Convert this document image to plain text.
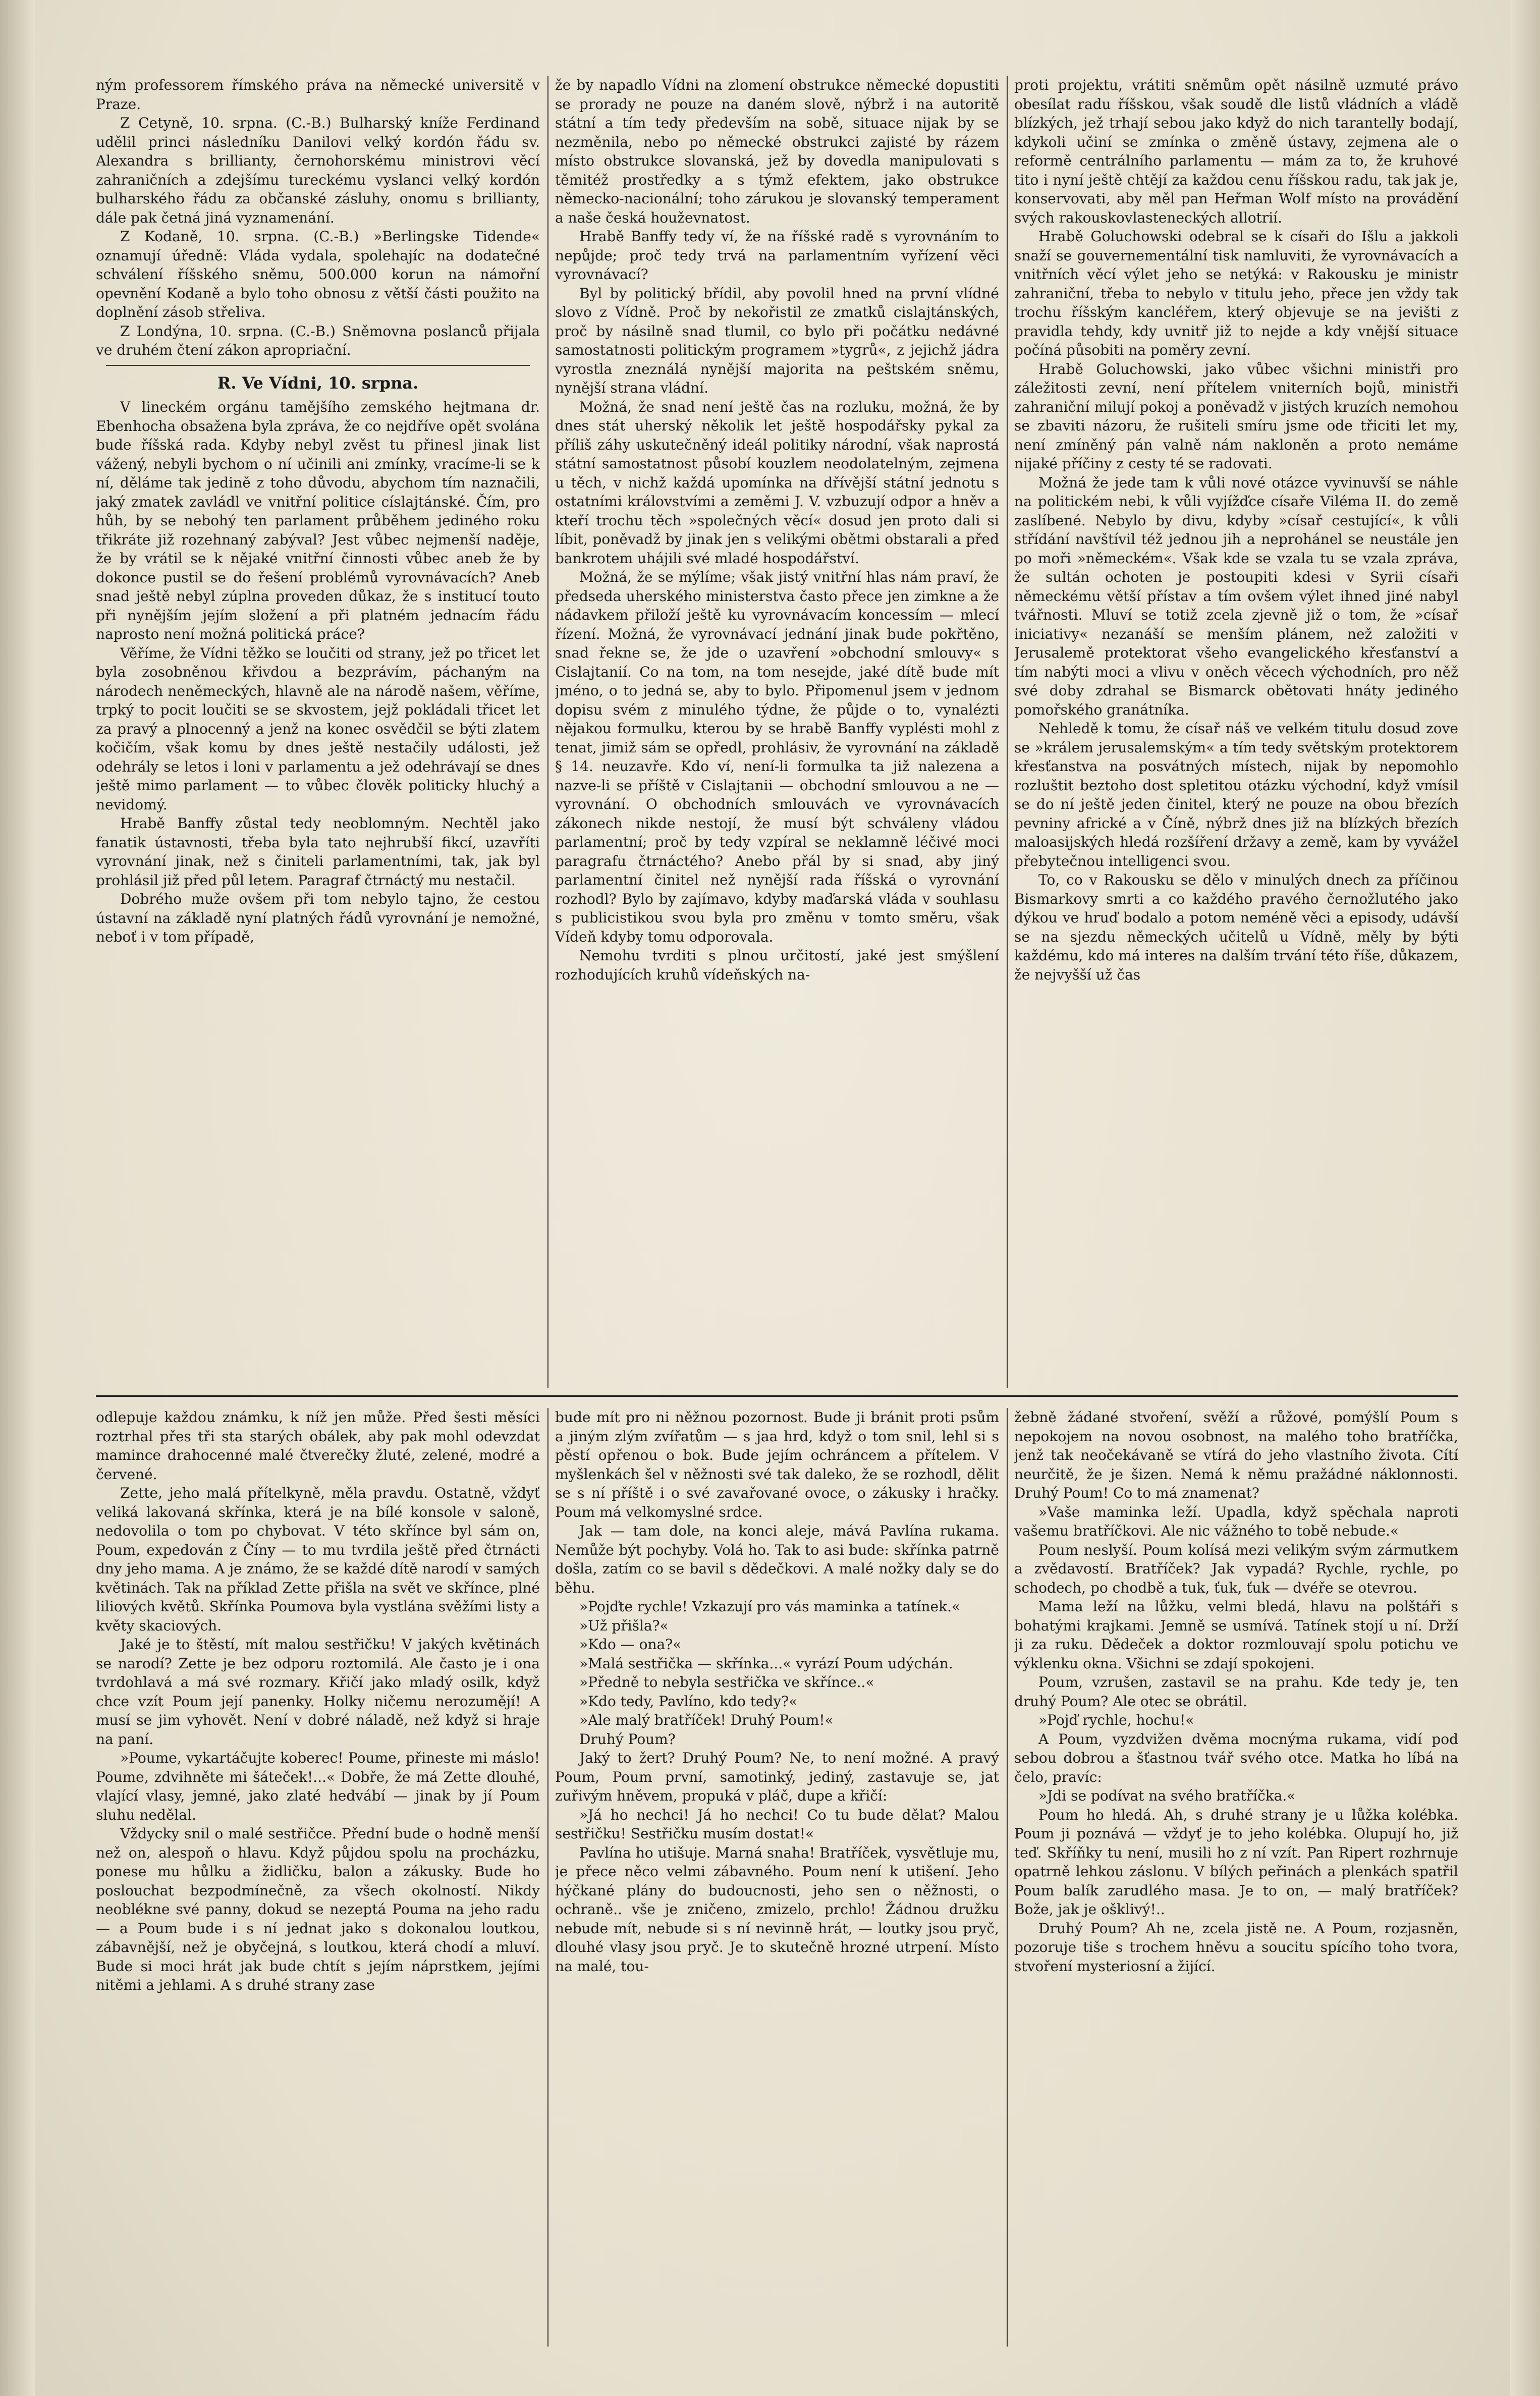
ným professorem římského práva na německé universitě v Praze.

Z Cetyně, 10. srpna. (C.-B.) Bulharský kníže Ferdinand udělil princi následníku Danilovi velký kordón řádu sv. Alexandra s brillianty, černohorskému ministrovi věcí zahraničních a zdejšímu tureckému vyslanci velký kordón bulharského řádu za občanské zásluhy, onomu s brillianty, dále pak četná jiná vyznamenání.

Z Kodaně, 10. srpna. (C.-B.) »Berlingske Tidende« oznamují úředně: Vláda vydala, spolehajíc na dodatečné schválení říšského sněmu, 500.000 korun na námořní opevnění Kodaně a bylo toho obnosu z větší části použito na doplnění zásob střeliva.

Z Londýna, 10. srpna. (C.-B.) Sněmovna poslanců přijala ve druhém čtení zákon apropriační.

R. Ve Vídni, 10. srpna.

V lineckém orgánu tamějšího zemského hejtmana dr. Ebenhocha obsažena byla zpráva, že co nejdříve opět svolána bude říšská rada. Kdyby nebyl zvěst tu přinesl jinak list vážený, nebyli bychom o ní učinili ani zmínky, vracíme-li se k ní, děláme tak jedině z toho důvodu, abychom tím naznačili, jaký zmatek zavládl ve vnitřní politice císlajtánské. Čím, pro hůh, by se nebohý ten parlament průběhem jediného roku třikráte již rozehnaný zabýval? Jest vůbec nejmenší naděje, že by vrátil se k nějaké vnitřní činnosti vůbec aneb že by dokonce pustil se do řešení problémů vyrovnávacích? Aneb snad ještě nebyl zúplna proveden důkaz, že s institucí touto při nynějším jejím složení a při platném jednacím řádu naprosto není možná politická práce?

Věříme, že Vídni těžko se loučiti od strany, jež po třicet let byla zosobněnou křivdou a bezprávím, páchaným na národech neněmeckých, hlavně ale na národě našem, věříme, trpký to pocit loučiti se se skvostem, jejž pokládali třicet let za pravý a plnocenný a jenž na konec osvědčil se býti zlatem kočičím, však komu by dnes ještě nestačily události, jež odehrály se letos i loni v parlamentu a jež odehrávají se dnes ještě mimo parlament — to vůbec člověk politicky hluchý a nevidomý.

Hrabě Banffy zůstal tedy neoblomným. Nechtěl jako fanatik ústavnosti, třeba byla tato nejhrubší fikcí, uzavříti vyrovnání jinak, než s činiteli parlamentními, tak, jak byl prohlásil již před půl letem. Paragraf čtrnáctý mu nestačil.

Dobrého muže ovšem při tom nebylo tajno, že cestou ústavní na základě nyní platných řádů vyrovnání je nemožné, neboť i v tom případě,

že by napadlo Vídni na zlomení obstrukce německé dopustiti se prorady ne pouze na daném slově, nýbrž i na autoritě státní a tím tedy především na sobě, situace nijak by se nezměnila, nebo po německé obstrukci zajisté by rázem místo obstrukce slovanská, jež by dovedla manipulovati s těmitéž prostředky a s týmž efektem, jako obstrukce německo-nacionální; toho zárukou je slovanský temperament a naše česká houževnatost.

Hrabě Banffy tedy ví, že na říšské radě s vyrovnáním to nepůjde; proč tedy trvá na parlamentním vyřízení věci vyrovnávací?

Byl by politický břídil, aby povolil hned na první vlídné slovo z Vídně. Proč by nekořistil ze zmatků cislajtánských, proč by násilně snad tlumil, co bylo při počátku nedávné samostatnosti politickým programem »tygrů«, z jejichž jádra vyrostla zneználá nynější majorita na peštském sněmu, nynější strana vládní.

Možná, že snad není ještě čas na rozluku, možná, že by dnes stát uherský několik let ještě hospodářsky pykal za příliš záhy uskutečněný ideál politiky národní, však naprostá státní samostatnost působí kouzlem neodolatelným, zejmena u těch, v nichž každá upomínka na dřívější státní jednotu s ostatními královstvími a zeměmi J. V. vzbuzují odpor a hněv a kteří trochu těch »společných věcí« dosud jen proto dali si líbit, poněvadž by jinak jen s velikými obětmi obstarali a před bankrotem uhájili své mladé hospodářství.

Možná, že se mýlíme; však jistý vnitřní hlas nám praví, že předseda uherského ministerstva často přece jen zimkne a že nádavkem přiloží ještě ku vyrovnávacím koncessím — mlecí řízení. Možná, že vyrovnávací jednání jinak bude pokřtěno, snad řekne se, že jde o uzavření »obchodní smlouvy« s Cislajtanií. Co na tom, na tom nesejde, jaké dítě bude mít jméno, o to jedná se, aby to bylo. Připomenul jsem v jednom dopisu svém z minulého týdne, že půjde o to, vynalézti nějakou formulku, kterou by se hrabě Banffy vyplésti mohl z tenat, jimiž sám se opředl, prohlásiv, že vyrovnání na základě § 14. neuzavře. Kdo ví, není-li formulka ta již nalezena a nazve-li se příště v Cislajtanii — obchodní smlouvou a ne — vyrovnání. O obchodních smlouvách ve vyrovnávacích zákonech nikde nestojí, že musí být schváleny vládou parlamentní; proč by tedy vzpíral se neklamně léčivé moci paragrafu čtrnáctého? Anebo přál by si snad, aby jiný parlamentní činitel než nynější rada říšská o vyrovnání rozhodl? Bylo by zajímavo, kdyby maďarská vláda v souhlasu s publicistikou svou byla pro změnu v tomto směru, však Vídeň kdyby tomu odporovala.

Nemohu tvrditi s plnou určitostí, jaké jest smýšlení rozhodujících kruhů vídeňských na-

proti projektu, vrátiti sněmům opět násilně uzmuté právo obesílat radu říšskou, však soudě dle listů vládních a vládě blízkých, jež trhají sebou jako když do nich tarantelly bodají, kdykoli učiní se zmínka o změně ústavy, zejmena ale o reformě centrálního parlamentu — mám za to, že kruhové tito i nyní ještě chtějí za každou cenu říšskou radu, tak jak je, konservovati, aby měl pan Heřman Wolf místo na provádění svých rakouskovlasteneckých allotrií.

Hrabě Goluchowski odebral se k císaři do Išlu a jakkoli snaží se gouvernementální tisk namluviti, že vyrovnávacích a vnitřních věcí výlet jeho se netýká: v Rakousku je ministr zahraniční, třeba to nebylo v titulu jeho, přece jen vždy tak trochu říšským kancléřem, který objevuje se na jevišti z pravidla tehdy, kdy uvnitř již to nejde a kdy vnější situace počíná působiti na poměry zevní.

Hrabě Goluchowski, jako vůbec všichni ministři pro záležitosti zevní, není přítelem vniterních bojů, ministři zahraniční milují pokoj a poněvadž v jistých kruzích nemohou se zbaviti názoru, že rušiteli smíru jsme ode třiciti let my, není zmíněný pán valně nám nakloněn a proto nemáme nijaké příčiny z cesty té se radovati.

Možná že jede tam k vůli nové otázce vyvinuvší se náhle na politickém nebi, k vůli vyjížďce císaře Viléma II. do země zaslíbené. Nebylo by divu, kdyby »císař cestující«, k vůli střídání navštívil též jednou jih a neprohánel se neustále jen po moři »německém«. Však kde se vzala tu se vzala zpráva, že sultán ochoten je postoupiti kdesi v Syrii císaři německému větší přístav a tím ovšem výlet ihned jiné nabyl tvářnosti. Mluví se totiž zcela zjevně již o tom, že »císař iniciativy« nezanáší se menším plánem, než založiti v Jerusalemě protektorat všeho evangelického křesťanství a tím nabýti moci a vlivu v oněch věcech východních, pro něž své doby zdrahal se Bismarck obětovati hnáty jediného pomořského granátníka.

Nehledě k tomu, že císař náš ve velkém titulu dosud zove se »králem jerusalemským« a tím tedy světským protektorem křesťanstva na posvátných místech, nijak by nepomohlo rozluštit beztoho dost spletitou otázku východní, když vmísil se do ní ještě jeden činitel, který ne pouze na obou březích pevniny africké a v Číně, nýbrž dnes již na blízkých březích maloasijských hledá rozšíření državy a země, kam by vyvážel přebytečnou intelligenci svou.

To, co v Rakousku se dělo v minulých dnech za příčinou Bismarkovy smrti a co každého pravého černožlutého jako dýkou ve hruď bodalo a potom neméně věci a episody, udávší se na sjezdu německých učitelů u Vídně, měly by býti každému, kdo má interes na dalším trvání této říše, důkazem, že nejvyšší už čas

odlepuje každou známku, k níž jen může. Před šesti měsíci roztrhal přes tři sta starých obálek, aby pak mohl odevzdat mamince drahocenné malé čtverečky žluté, zelené, modré a červené.

Zette, jeho malá přítelkyně, měla pravdu. Ostatně, vždyť veliká lakovaná skřínka, která je na bílé konsole v saloně, nedovolila o tom po chybovat. V této skřínce byl sám on, Poum, expedován z Číny — to mu tvrdila ještě před čtrnácti dny jeho mama. A je známo, že se každé dítě narodí v samých květinách. Tak na příklad Zette přišla na svět ve skřínce, plné liliových květů. Skřínka Poumova byla vystlána svěžími listy a květy skaciových.

Jaké je to štěstí, mít malou sestřičku! V jakých květinách se narodí? Zette je bez odporu roztomilá. Ale často je i ona tvrdohlavá a má své rozmary. Křičí jako mladý osilk, když chce vzít Poum její panenky. Holky ničemu nerozumějí! A musí se jim vyhovět. Není v dobré náladě, než když si hraje na paní.

»Poume, vykartáčujte koberec! Poume, přineste mi máslo! Poume, zdvihněte mi šáteček!...« Dobře, že má Zette dlouhé, vlající vlasy, jemné, jako zlaté hedvábí — jinak by jí Poum sluhu nedělal.

Vždycky snil o malé sestřičce. Přední bude o hodně menší než on, alespoň o hlavu. Když půjdou spolu na procházku, ponese mu hůlku a židličku, balon a zákusky. Bude ho poslouchat bezpodmínečně, za všech okolností. Nikdy neobléknе své panny, dokud se nezeptá Pouma na jeho radu — a Poum bude i s ní jednat jako s dokonalou loutkou, zábavnější, než je obyčejná, s loutkou, která chodí a mluví. Bude si moci hrát jak bude chtít s jejím náprstkem, jejími nitěmi a jehlami. A s druhé strany zase

bude mít pro ni něžnou pozornost. Bude ji bránit proti psům a jiným zlým zvířatům — s jaa hrd, když o tom snil, lehl si s pěstí opřenou o bok. Bude jejím ochráncem a přítelem. V myšlenkách šel v něžnosti své tak daleko, že se rozhodl, dělit se s ní příště i o své zavařované ovoce, o zákusky i hračky. Poum má velkomyslné srdce.

Jak — tam dole, na konci aleje, mává Pavlína rukama. Nemůže být pochyby. Volá ho. Tak to asi bude: skřínka patrně došla, zatím co se bavil s dědečkovi. A malé nožky daly se do běhu.

»Pojďte rychle! Vzkazují pro vás maminka a tatínek.«

»Už přišla?«

»Kdo — ona?«

»Malá sestřička — skřínka...« vyrází Poum udýchán.

»Předně to nebyla sestřička ve skřínce..«

»Kdo tedy, Pavlíno, kdo tedy?«

»Ale malý bratříček! Druhý Poum!«

Druhý Poum?

Jaký to žert? Druhý Poum? Ne, to není možné. A pravý Poum, Poum první, samotinký, jediný, zastavuje se, jat zuřivým hněvem, propuká v pláč, dupe a křičí:

»Já ho nechci! Já ho nechci! Co tu bude dělat? Malou sestřičku! Sestřičku musím dostat!«

Pavlína ho utišuje. Marná snaha! Bratříček, vysvětluje mu, je přece něco velmi zábavného. Poum není k utišení. Jeho hýčkané plány do budoucnosti, jeho sen o něžnosti, o ochraně.. vše je zničeno, zmizelo, prchlo! Žádnou družku nebude mít, nebude si s ní nevinně hrát, — loutky jsou pryč, dlouhé vlasy jsou pryč. Je to skutečně hrozné utrpení. Místo na malé, tou-

žebně žádané stvoření, svěží a růžové, pomýšlí Poum s nepokojem na novou osobnost, na malého toho bratříčka, jenž tak neočekávaně se vtírá do jeho vlastního života. Cítí neurčitě, že je šizen. Nemá k němu pražádné náklonnosti. Druhý Poum! Co to má znamenat?

»Vaše maminka leží. Upadla, když spěchala naproti vašemu bratříčkovi. Ale nic vážného to tobě nebude.«

Poum neslyší. Poum kolísá mezi velikým svým zármutkem a zvědavostí. Bratříček? Jak vypadá? Rychle, rychle, po schodech, po chodbě a tuk, ťuk, ťuk — dvéře se otevrou.

Mama leží na lůžku, velmi bledá, hlavu na polštáři s bohatými krajkami. Jemně se usmívá. Tatínek stojí u ní. Drží ji za ruku. Dědeček a doktor rozmlouvají spolu potichu ve výklenku okna. Všichni se zdají spokojeni.

Poum, vzrušen, zastavil se na prahu. Kde tedy je, ten druhý Poum? Ale otec se obrátil.

»Pojď rychle, hochu!«

A Poum, vyzdvižen dvěma mocnýma rukama, vidí pod sebou dobrou a šťastnou tvář svého otce. Matka ho líbá na čelo, pravíc:

»Jdi se podívat na svého bratříčka.«

Poum ho hledá. Ah, s druhé strany je u lůžka kolébka. Poum ji poznává — vždyť je to jeho kolébka. Olupují ho, již teď. Skříňky tu není, musili ho z ní vzít. Pan Ripert rozhrnuje opatrně lehkou záslonu. V bílých peřinách a plenkách spatřil Poum balík zarudlého masa. Je to on, — malý bratříček? Bože, jak je ošklivý!..

Druhý Poum? Ah ne, zcela jistě ne. A Poum, rozjasněn, pozoruje tiše s trochem hněvu a soucitu spícího toho tvora, stvoření mysteriosní a žijící.
